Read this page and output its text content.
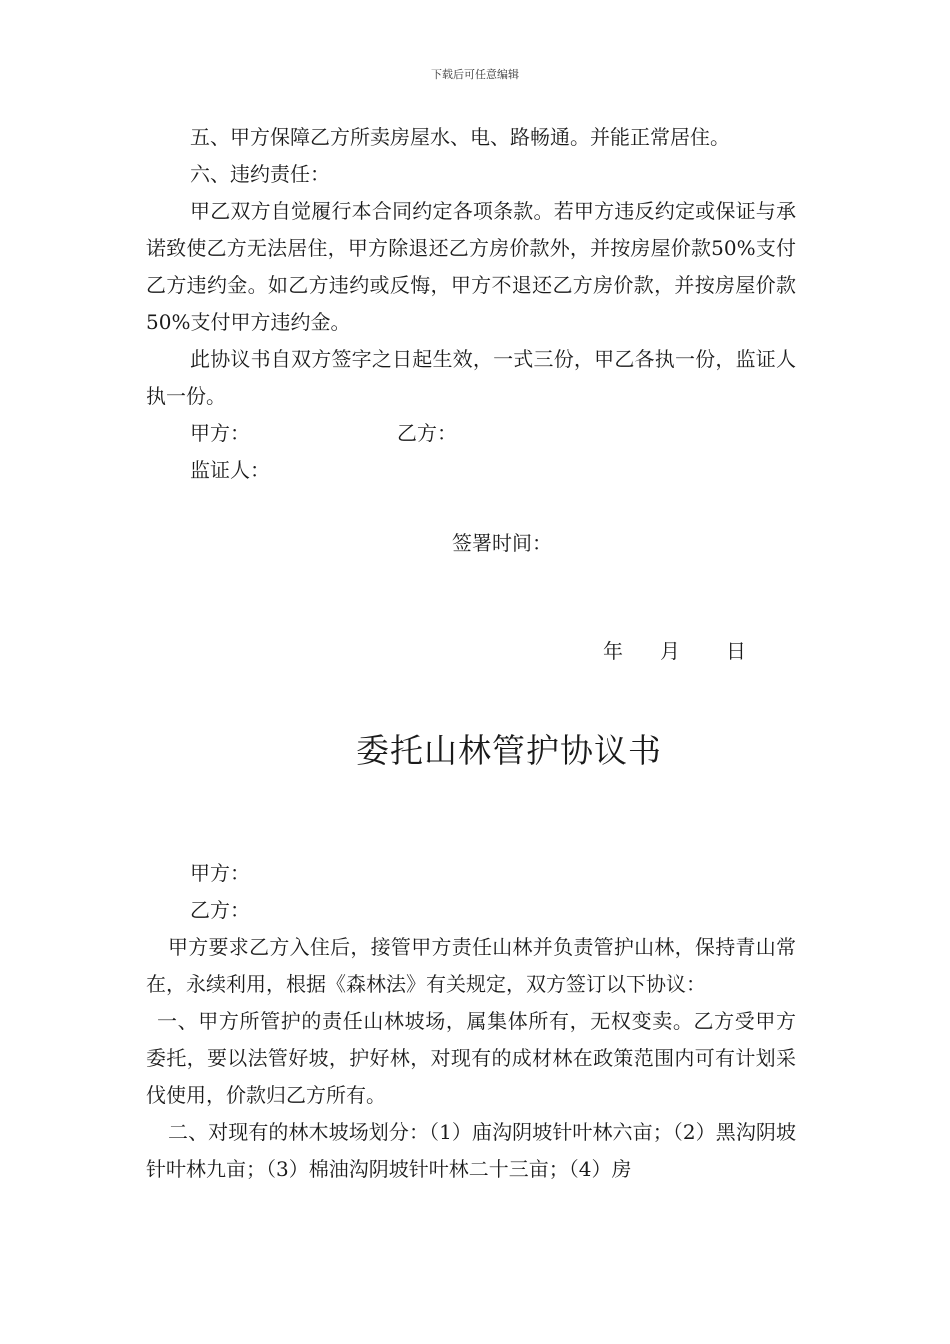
下载后可任意编辑

五、甲方保障乙方所卖房屋水、电、路畅通。并能正常居住。

六、违约责任：

甲乙双方自觉履行本合同约定各项条款。若甲方违反约定或保证与承诺致使乙方无法居住，甲方除退还乙方房价款外，并按房屋价款50%支付乙方违约金。如乙方违约或反悔，甲方不退还乙方房价款，并按房屋价款50%支付甲方违约金。

此协议书自双方签字之日起生效，一式三份，甲乙各执一份，监证人执一份。

甲方：	乙方：

监证人：

签署时间：
年 月 日
委托山林管护协议书

甲方：

乙方：

甲方要求乙方入住后，接管甲方责任山林并负责管护山林，保持青山常在，永续利用，根据《森林法》有关规定，双方签订以下协议：

一、甲方所管护的责任山林坡场，属集体所有，无权变卖。乙方受甲方委托，要以法管好坡，护好林，对现有的成材林在政策范围内可有计划采伐使用，价款归乙方所有。

二、对现有的林木坡场划分：（1）庙沟阴坡针叶林六亩；（2）黑沟阴坡针叶林九亩；（3）棉油沟阴坡针叶林二十三亩；（4）房
